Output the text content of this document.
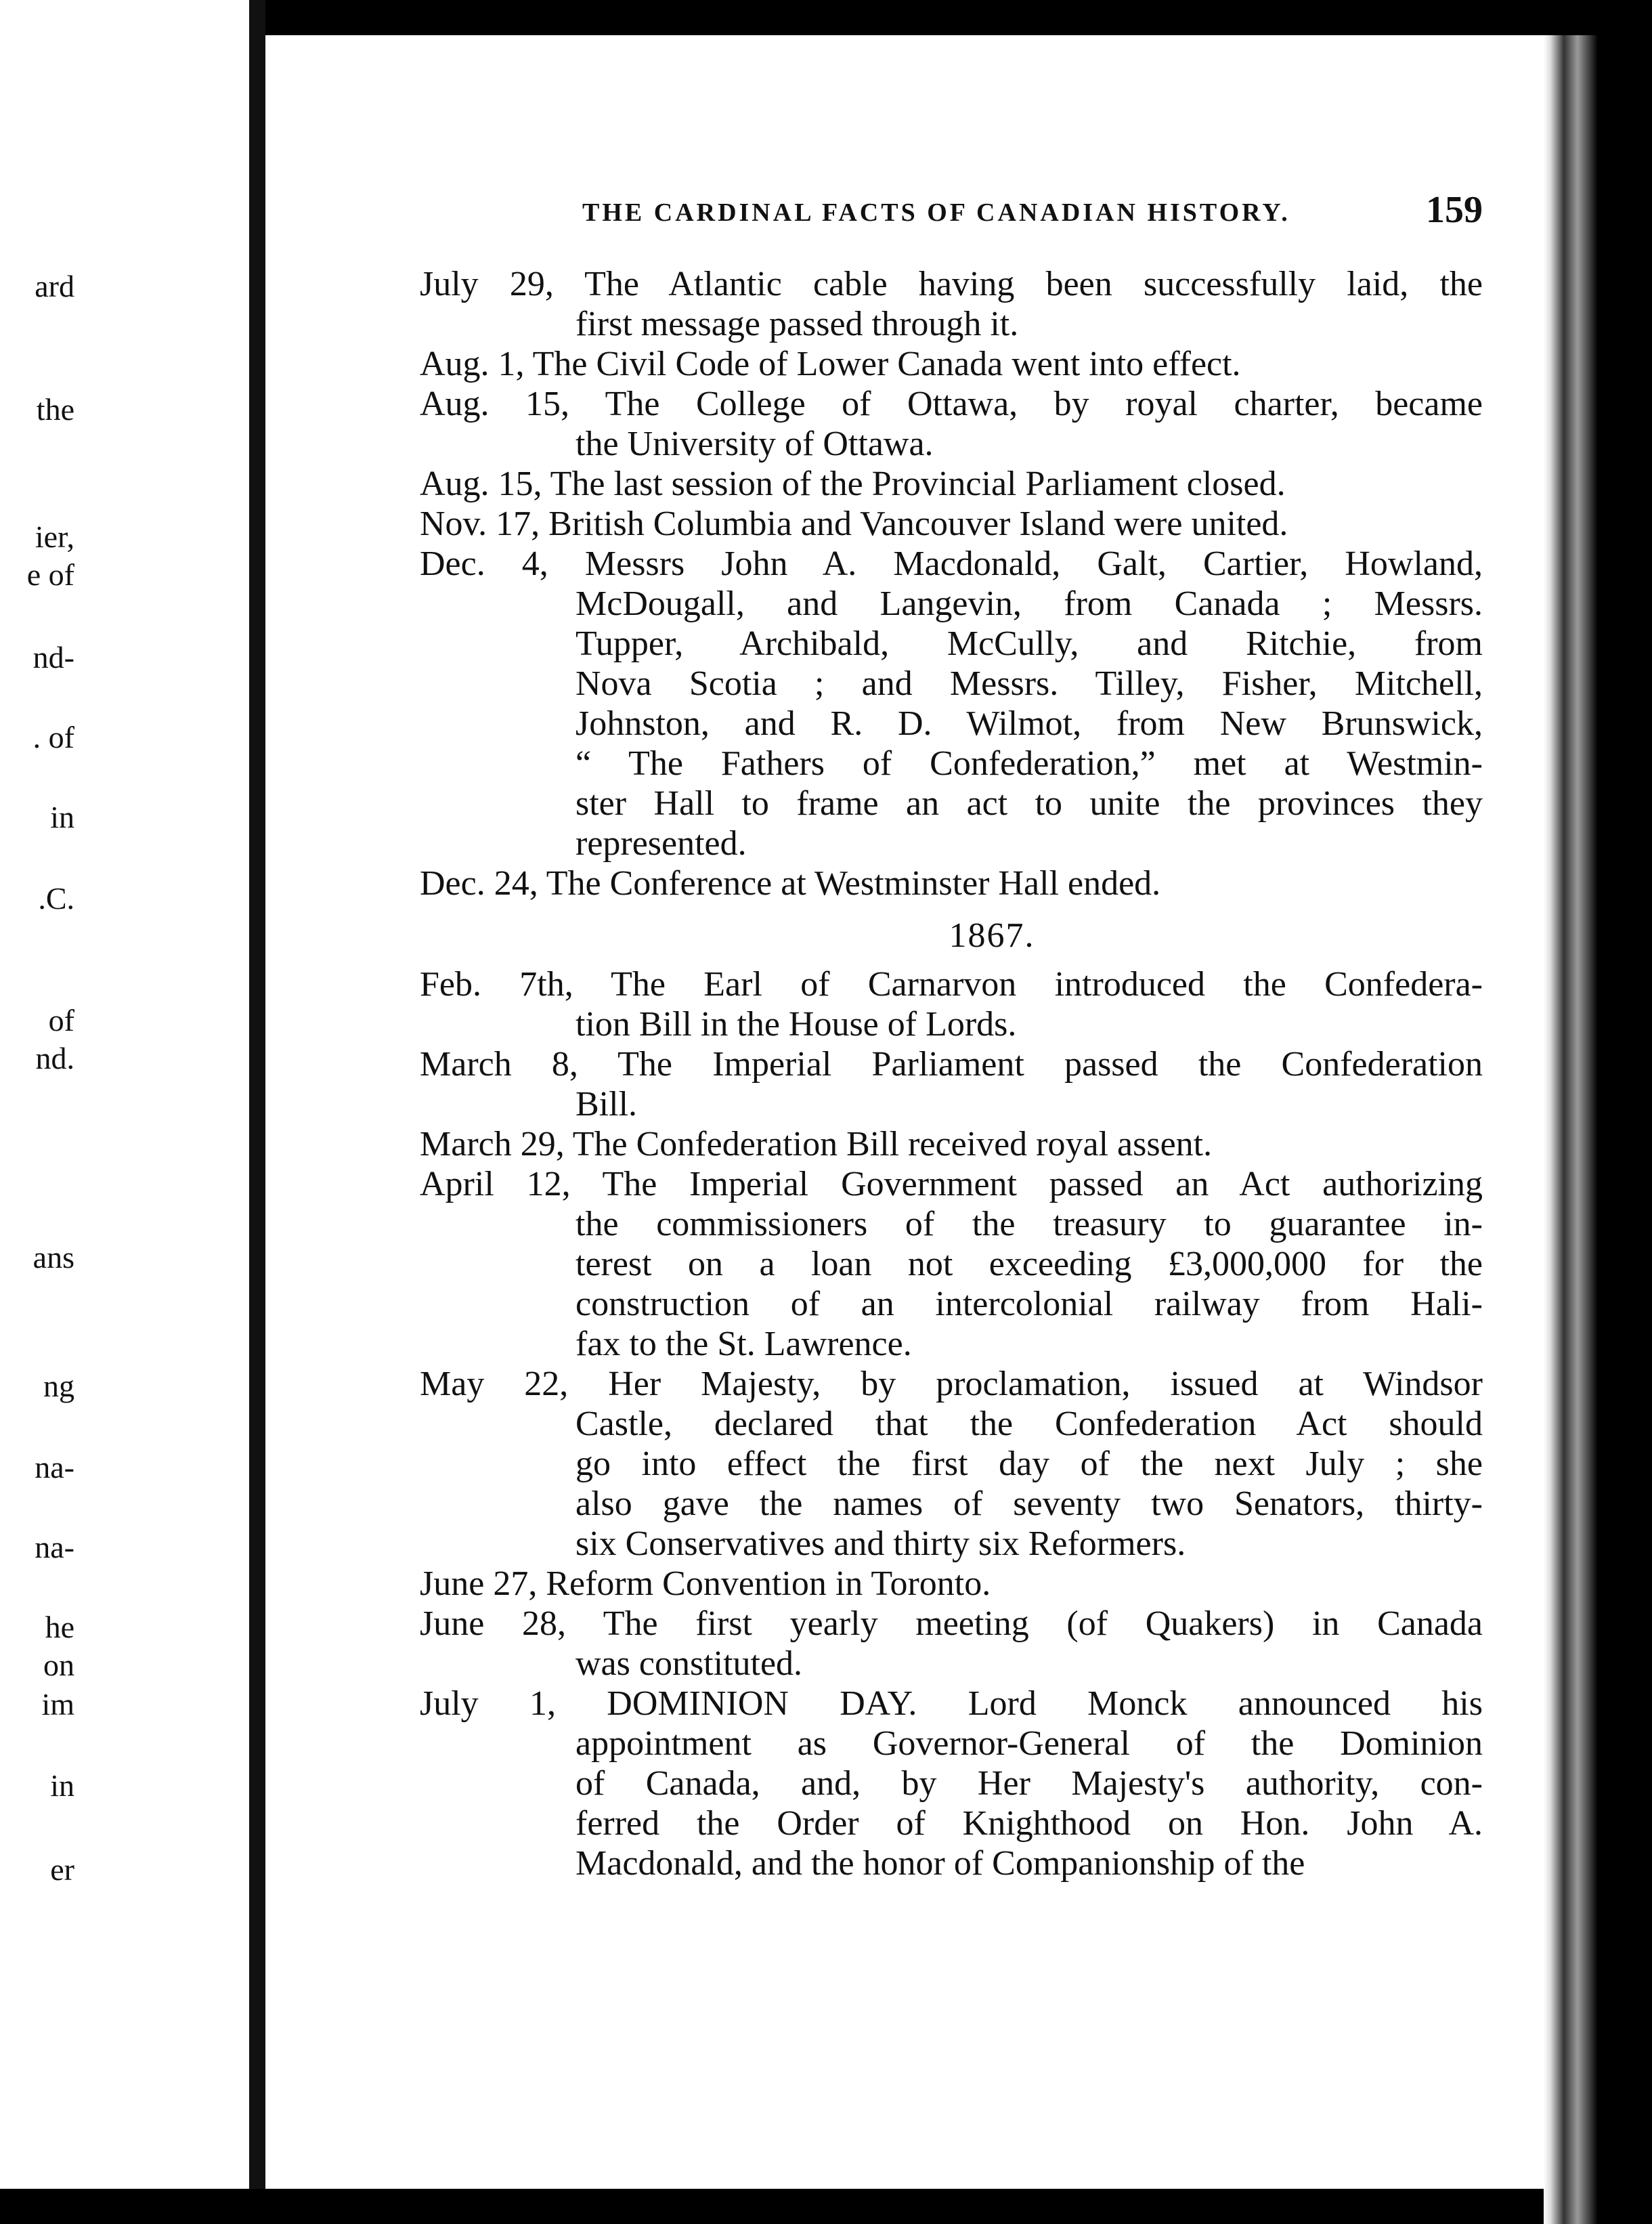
ard
the
ier,
e of
nd-
. of
in
.C.
of
nd.
ans
ng
na-
na-
he
on
im
in
er
THE CARDINAL FACTS OF CANADIAN HISTORY.	159
July 29, The Atlantic cable having been successfully laid, the
first message passed through it.
Aug. 1, The Civil Code of Lower Canada went into effect.
Aug. 15, The College of Ottawa, by royal charter, became
the University of Ottawa.
Aug. 15, The last session of the Provincial Parliament closed.
Nov. 17, British Columbia and Vancouver Island were united.
Dec. 4, Messrs John A. Macdonald, Galt, Cartier, Howland,
McDougall, and Langevin, from Canada ; Messrs.
Tupper, Archibald, McCully, and Ritchie, from
Nova Scotia ; and Messrs. Tilley, Fisher, Mitchell,
Johnston, and R. D. Wilmot, from New Brunswick,
“ The Fathers of Confederation,” met at Westmin-
ster Hall to frame an act to unite the provinces they
represented.
Dec. 24, The Conference at Westminster Hall ended.
1867.
Feb. 7th, The Earl of Carnarvon introduced the Confedera-
tion Bill in the House of Lords.
March 8, The Imperial Parliament passed the Confederation
Bill.
March 29, The Confederation Bill received royal assent.
April 12, The Imperial Government passed an Act authorizing
the commissioners of the treasury to guarantee in-
terest on a loan not exceeding £3,000,000 for the
construction of an intercolonial railway from Hali-
fax to the St. Lawrence.
May 22, Her Majesty, by proclamation, issued at Windsor
Castle, declared that the Confederation Act should
go into effect the first day of the next July ; she
also gave the names of seventy two Senators, thirty-
six Conservatives and thirty six Reformers.
June 27, Reform Convention in Toronto.
June 28, The first yearly meeting (of Quakers) in Canada
was constituted.
July 1, DOMINION DAY. Lord Monck announced his
appointment as Governor-General of the Dominion
of Canada, and, by Her Majesty's authority, con-
ferred the Order of Knighthood on Hon. John A.
Macdonald, and the honor of Companionship of the
